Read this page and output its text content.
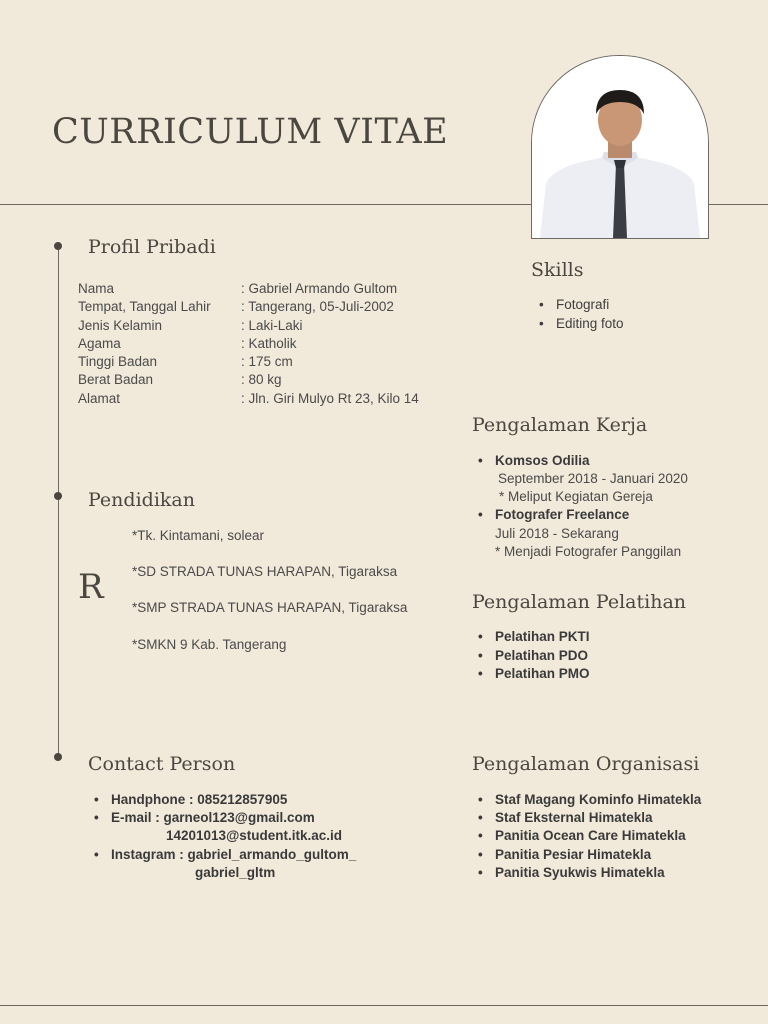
CURRICULUM VITAE
Profil Pribadi
Nama	: Gabriel Armando Gultom
Tempat, Tanggal Lahir	: Tangerang, 05-Juli-2002
Jenis Kelamin	: Laki-Laki
Agama	: Katholik
Tinggi Badan	: 175 cm
Berat Badan	: 80 kg
Alamat	: Jln. Giri Mulyo Rt 23, Kilo 14
Pendidikan
*Tk. Kintamani, solear
*SD STRADA TUNAS HARAPAN, Tigaraksa
*SMP STRADA TUNAS HARAPAN, Tigaraksa
*SMKN 9 Kab. Tangerang
R
Contact Person
• Handphone : 085212857905
• E-mail : garneol123@gmail.com
14201013@student.itk.ac.id
• Instagram : gabriel_armando_gultom_
gabriel_gltm
Skills
• Fotografi
• Editing foto
Pengalaman Kerja
• Komsos Odilia
September 2018 - Januari 2020
* Meliput Kegiatan Gereja
• Fotografer Freelance
Juli 2018 - Sekarang
* Menjadi Fotografer Panggilan
Pengalaman Pelatihan
• Pelatihan PKTI
• Pelatihan PDO
• Pelatihan PMO
Pengalaman Organisasi
• Staf Magang Kominfo Himatekla
• Staf Eksternal Himatekla
• Panitia Ocean Care Himatekla
• Panitia Pesiar Himatekla
• Panitia Syukwis Himatekla
